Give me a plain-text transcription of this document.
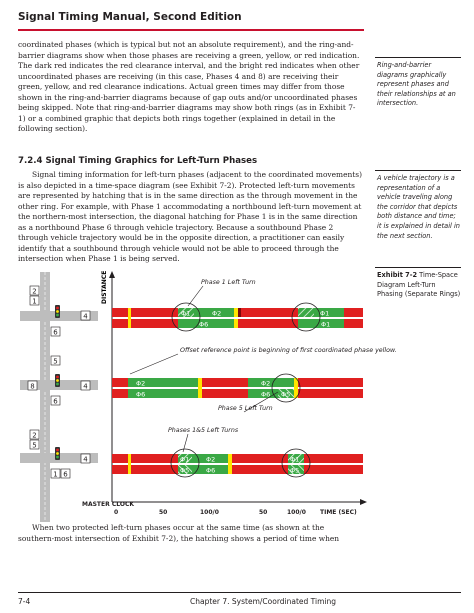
Signal Timing Manual, Second Edition
coordinated phases (which is typical but not an absolute requirement), and the ring-and-barrier diagrams show when those phases are receiving a green, yellow, or red indication. The dark red indicates the red clearance interval, and the bright red indicates when other uncoordinated phases are receiving (in this case, Phases 4 and 8) are receiving their green, yellow, and red clearance indications. Actual green times may differ from those shown in the ring-and-barrier diagrams because of gap outs and/or uncoordinated phases being skipped. Note that ring-and-barrier diagrams may show both rings (as in Exhibit 7-1) or a combined graphic that depicts both rings together (explained in detail in the following section).
7.2.4 Signal Timing Graphics for Left-Turn Phases
Signal timing information for left-turn phases (adjacent to the coordinated movements) is also depicted in a time-space diagram (see Exhibit 7-2). Protected left-turn movements are represented by hatching that is in the same direction as the through movement in the other ring. For example, with Phase 1 accommodating a northbound left-turn movement at the northern-most intersection, the diagonal hatching for Phase 1 is in the same direction as a northbound Phase 6 through vehicle trajectory. Because a southbound Phase 2 through vehicle trajectory would be in the opposite direction, a practitioner can easily identify that a southbound through vehicle would not be able to proceed through the intersection when Phase 1 is being served.
Ring-and-barrier diagrams graphically represent phases and their relationships at an intersection.
A vehicle trajectory is a representation of a vehicle traveling along the corridor that depicts both distance and time; it is explained in detail in the next section.
Exhibit 7-2 Time-Space Diagram Left-Turn Phasing (Separate Rings)
2
1
4
6
5
8	4
6
2
5
4
1 6
DISTANCE
MASTER CLOCK
0	50	100/0	50	100/0 TIME (SEC)
Φ1	Φ2
Φ6
Φ1
Φ1
Φ2
Φ6
Φ2
Φ6 Φ5
Φ1
Φ5
Φ2
Φ6
Φ1
Φ5
Phase 1 Left Turn
Offset reference point is beginning of first coordinated phase yellow.
Phase 5 Left Turn
Phases 1&5 Left Turns
When two protected left-turn phases occur at the same time (as shown at the southern-most intersection of Exhibit 7-2), the hatching shows a period of time when
7-4	Chapter 7. System/Coordinated Timing
